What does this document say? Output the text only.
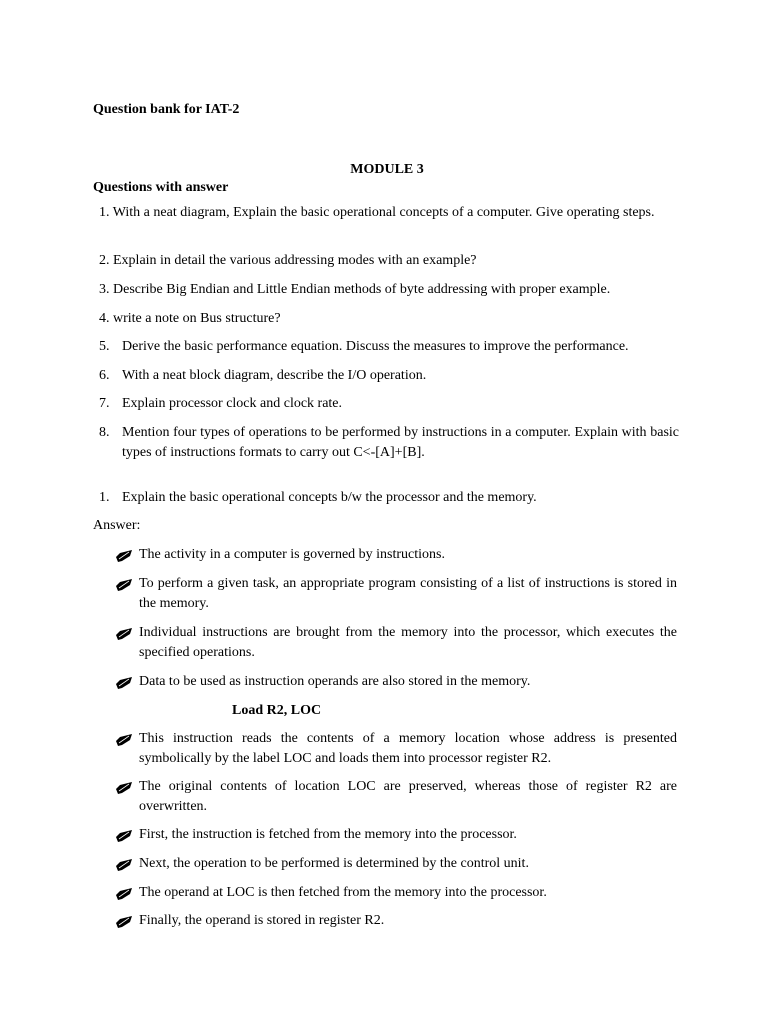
Question bank for IAT-2
MODULE 3
Questions with answer
1. With a neat diagram, Explain the basic operational concepts of a computer. Give operating steps.
2. Explain in detail the various addressing modes with an example?
3. Describe Big Endian and Little Endian methods of byte addressing with proper example.
4. write a note on Bus structure?
5. Derive the basic performance equation. Discuss the measures to improve the performance.
6. With a neat block diagram, describe the I/O operation.
7. Explain processor clock and clock rate.
8. Mention four types of operations to be performed by instructions in a computer. Explain with basic types of instructions formats to carry out C<-[A]+[B].
1. Explain the basic operational concepts b/w the processor and the memory.
Answer:
The activity in a computer is governed by instructions.
To perform a given task, an appropriate program consisting of a list of instructions is stored in the memory.
Individual instructions are brought from the memory into the processor, which executes the specified operations.
Data to be used as instruction operands are also stored in the memory.
Load R2, LOC
This instruction reads the contents of a memory location whose address is presented symbolically by the label LOC and loads them into processor register R2.
The original contents of location LOC are preserved, whereas those of register R2 are overwritten.
First, the instruction is fetched from the memory into the processor.
Next, the operation to be performed is determined by the control unit.
The operand at LOC is then fetched from the memory into the processor.
Finally, the operand is stored in register R2.
